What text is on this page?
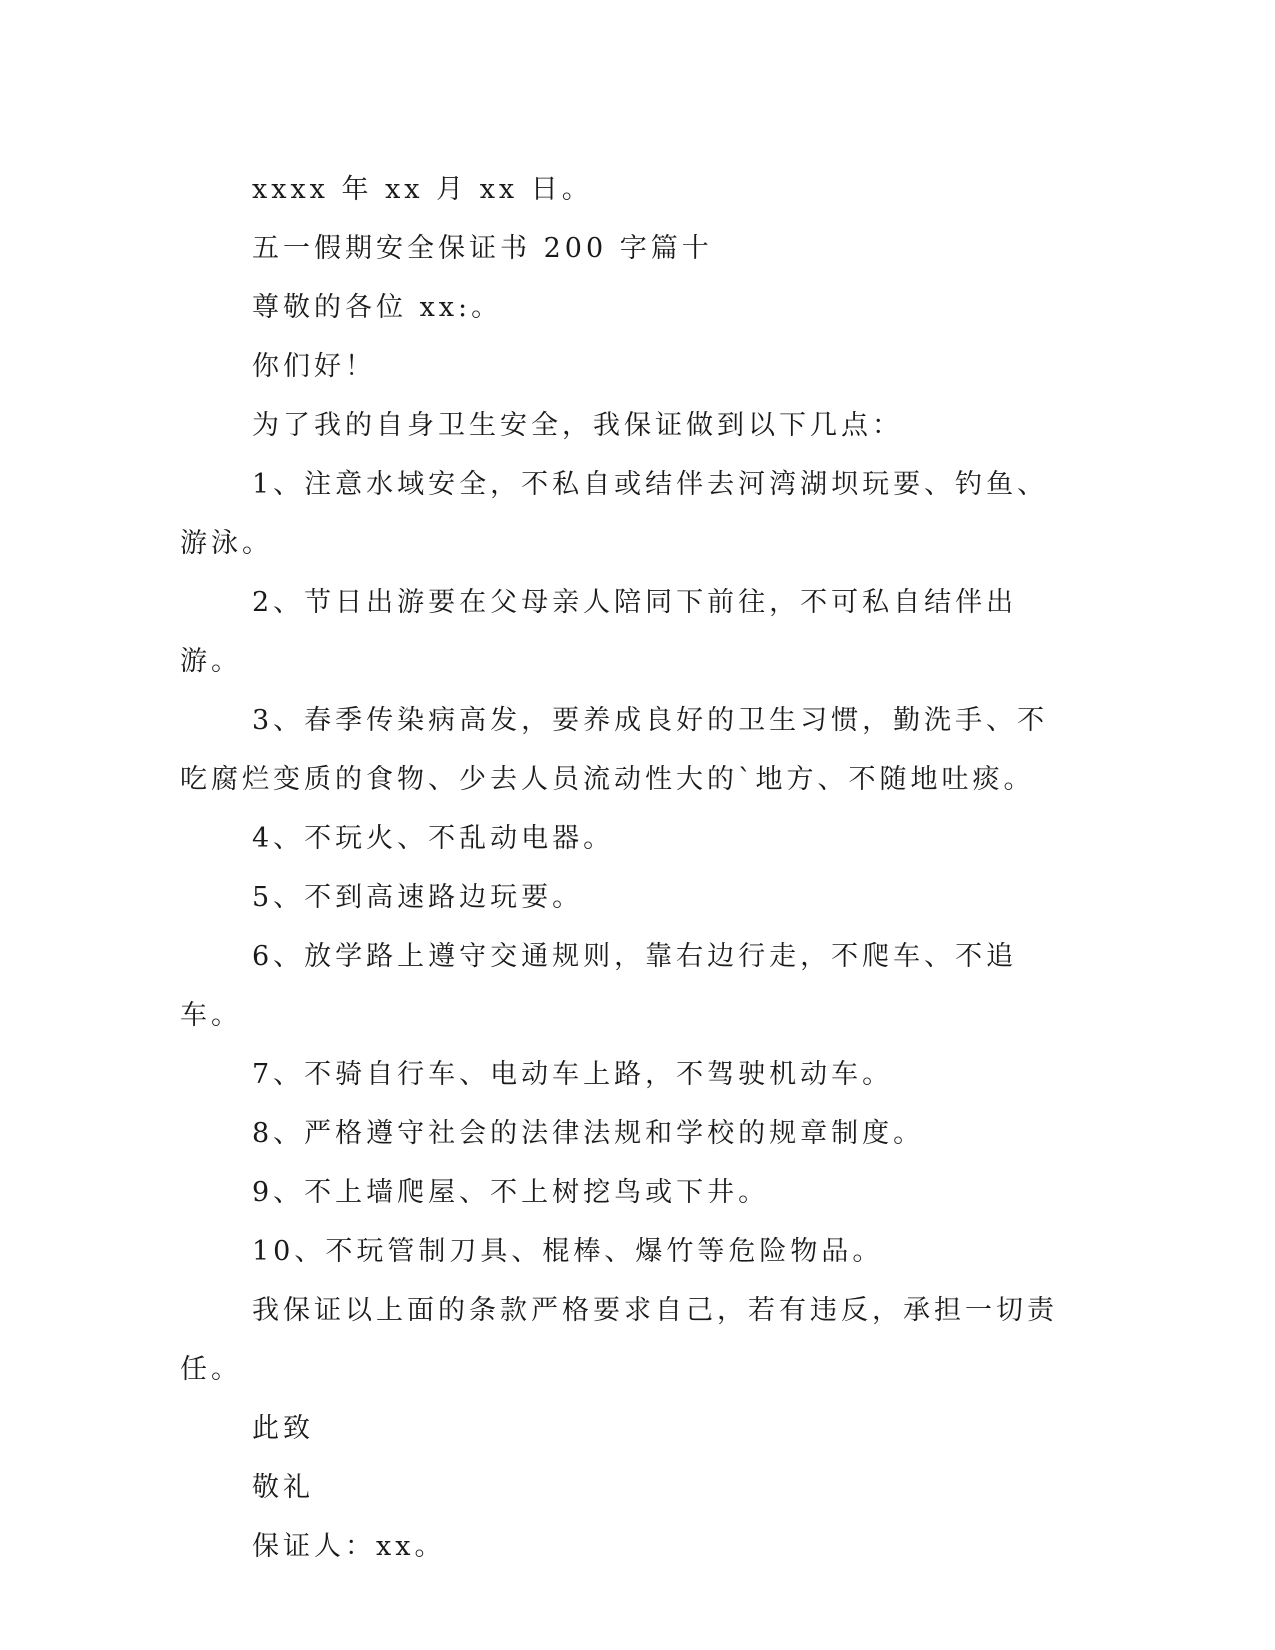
xxxx 年 xx 月 xx 日。

五一假期安全保证书 200 字篇十

尊敬的各位 xx:。

你们好！

为了我的自身卫生安全，我保证做到以下几点：

1、注意水域安全，不私自或结伴去河湾湖坝玩要、钓鱼、游泳。

2、节日出游要在父母亲人陪同下前往，不可私自结伴出游。

3、春季传染病高发，要养成良好的卫生习惯，勤洗手、不吃腐烂变质的食物、少去人员流动性大的`地方、不随地吐痰。

4、不玩火、不乱动电器。

5、不到高速路边玩要。

6、放学路上遵守交通规则，靠右边行走，不爬车、不追车。

7、不骑自行车、电动车上路，不驾驶机动车。

8、严格遵守社会的法律法规和学校的规章制度。

9、不上墙爬屋、不上树挖鸟或下井。

10、不玩管制刀具、棍棒、爆竹等危险物品。

我保证以上面的条款严格要求自己，若有违反，承担一切责任。

此致

敬礼

保证人：xx。
